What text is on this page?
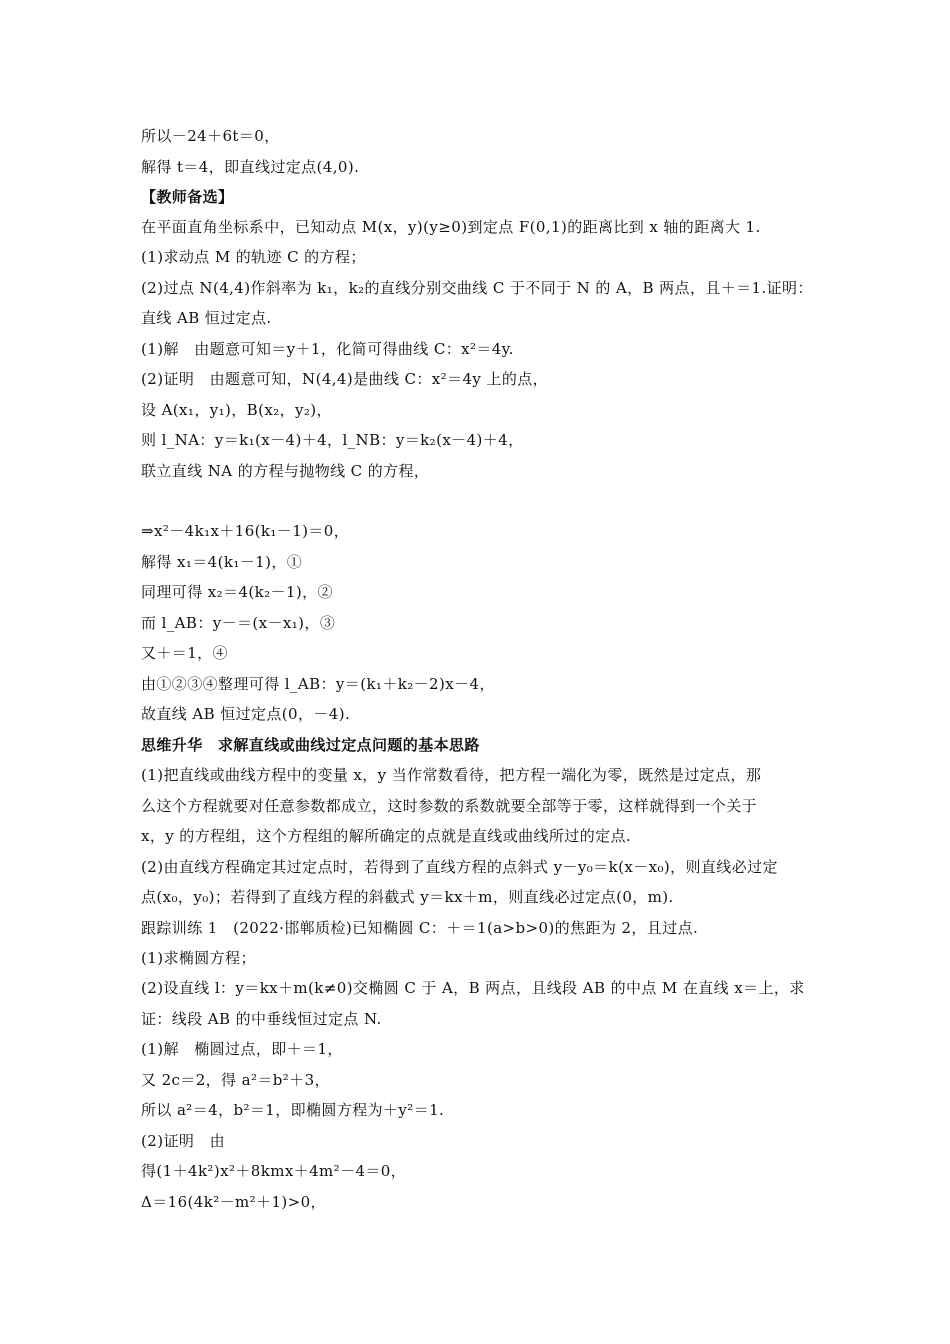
所以－24＋6t＝0，
解得 t＝4，即直线过定点(4,0).
【教师备选】
在平面直角坐标系中，已知动点 M(x，y)(y≥0)到定点 F(0,1)的距离比到 x 轴的距离大 1.
(1)求动点 M 的轨迹 C 的方程；
(2)过点 N(4,4)作斜率为 k₁，k₂的直线分别交曲线 C 于不同于 N 的 A，B 两点，且＋＝1.证明：
直线 AB 恒过定点.
(1)解　由题意可知＝y＋1，化简可得曲线 C：x²＝4y.
(2)证明　由题意可知，N(4,4)是曲线 C：x²＝4y 上的点，
设 A(x₁，y₁)，B(x₂，y₂)，
则 l_NA：y＝k₁(x－4)＋4，l_NB：y＝k₂(x－4)＋4，
联立直线 NA 的方程与抛物线 C 的方程，
⇒x²－4k₁x＋16(k₁－1)＝0，
解得 x₁＝4(k₁－1)，①
同理可得 x₂＝4(k₂－1)，②
而 l_AB：y－＝(x－x₁)，③
又＋＝1，④
由①②③④整理可得 l_AB：y＝(k₁＋k₂－2)x－4，
故直线 AB 恒过定点(0，－4).
思维升华　求解直线或曲线过定点问题的基本思路
(1)把直线或曲线方程中的变量 x，y 当作常数看待，把方程一端化为零，既然是过定点，那
么这个方程就要对任意参数都成立，这时参数的系数就要全部等于零，这样就得到一个关于
x，y 的方程组，这个方程组的解所确定的点就是直线或曲线所过的定点.
(2)由直线方程确定其过定点时，若得到了直线方程的点斜式 y－y₀＝k(x－x₀)，则直线必过定
点(x₀，y₀)；若得到了直线方程的斜截式 y＝kx＋m，则直线必过定点(0，m).
跟踪训练 1　(2022·邯郸质检)已知椭圆 C：＋＝1(a>b>0)的焦距为 2，且过点.
(1)求椭圆方程；
(2)设直线 l：y＝kx＋m(k≠0)交椭圆 C 于 A，B 两点，且线段 AB 的中点 M 在直线 x＝上，求
证：线段 AB 的中垂线恒过定点 N.
(1)解　椭圆过点，即＋＝1，
又 2c＝2，得 a²＝b²＋3，
所以 a²＝4，b²＝1，即椭圆方程为＋y²＝1.
(2)证明　由
得(1＋4k²)x²＋8kmx＋4m²－4＝0，
Δ＝16(4k²－m²＋1)>0，
